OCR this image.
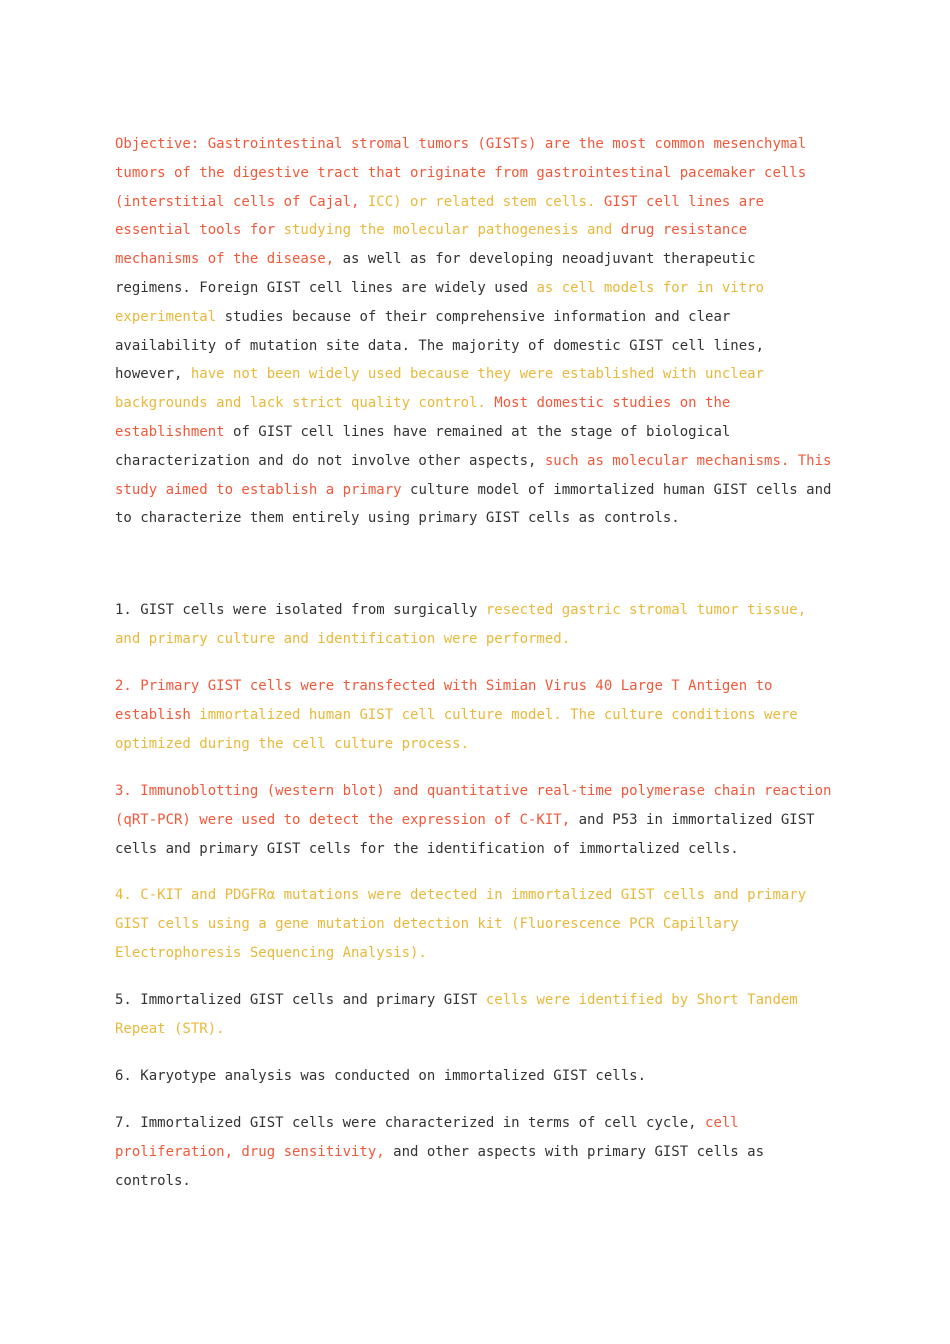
Objective: Gastrointestinal stromal tumors (GISTs) are the most common mesenchymal tumors of the digestive tract that originate from gastrointestinal pacemaker cells (interstitial cells of Cajal, ICC) or related stem cells. GIST cell lines are essential tools for studying the molecular pathogenesis and drug resistance mechanisms of the disease, as well as for developing neoadjuvant therapeutic regimens. Foreign GIST cell lines are widely used as cell models for in vitro experimental studies because of their comprehensive information and clear availability of mutation site data. The majority of domestic GIST cell lines, however, have not been widely used because they were established with unclear backgrounds and lack strict quality control. Most domestic studies on the establishment of GIST cell lines have remained at the stage of biological characterization and do not involve other aspects, such as molecular mechanisms. This study aimed to establish a primary culture model of immortalized human GIST cells and to characterize them entirely using primary GIST cells as controls.

1. GIST cells were isolated from surgically resected gastric stromal tumor tissue, and primary culture and identification were performed.

2. Primary GIST cells were transfected with Simian Virus 40 Large T Antigen to establish immortalized human GIST cell culture model. The culture conditions were optimized during the cell culture process.

3. Immunoblotting (western blot) and quantitative real-time polymerase chain reaction (qRT-PCR) were used to detect the expression of C-KIT, and P53 in immortalized GIST cells and primary GIST cells for the identification of immortalized cells.

4. C-KIT and PDGFRα mutations were detected in immortalized GIST cells and primary GIST cells using a gene mutation detection kit (Fluorescence PCR Capillary Electrophoresis Sequencing Analysis).

5. Immortalized GIST cells and primary GIST cells were identified by Short Tandem Repeat (STR).

6. Karyotype analysis was conducted on immortalized GIST cells.

7. Immortalized GIST cells were characterized in terms of cell cycle, cell proliferation, drug sensitivity, and other aspects with primary GIST cells as controls.
